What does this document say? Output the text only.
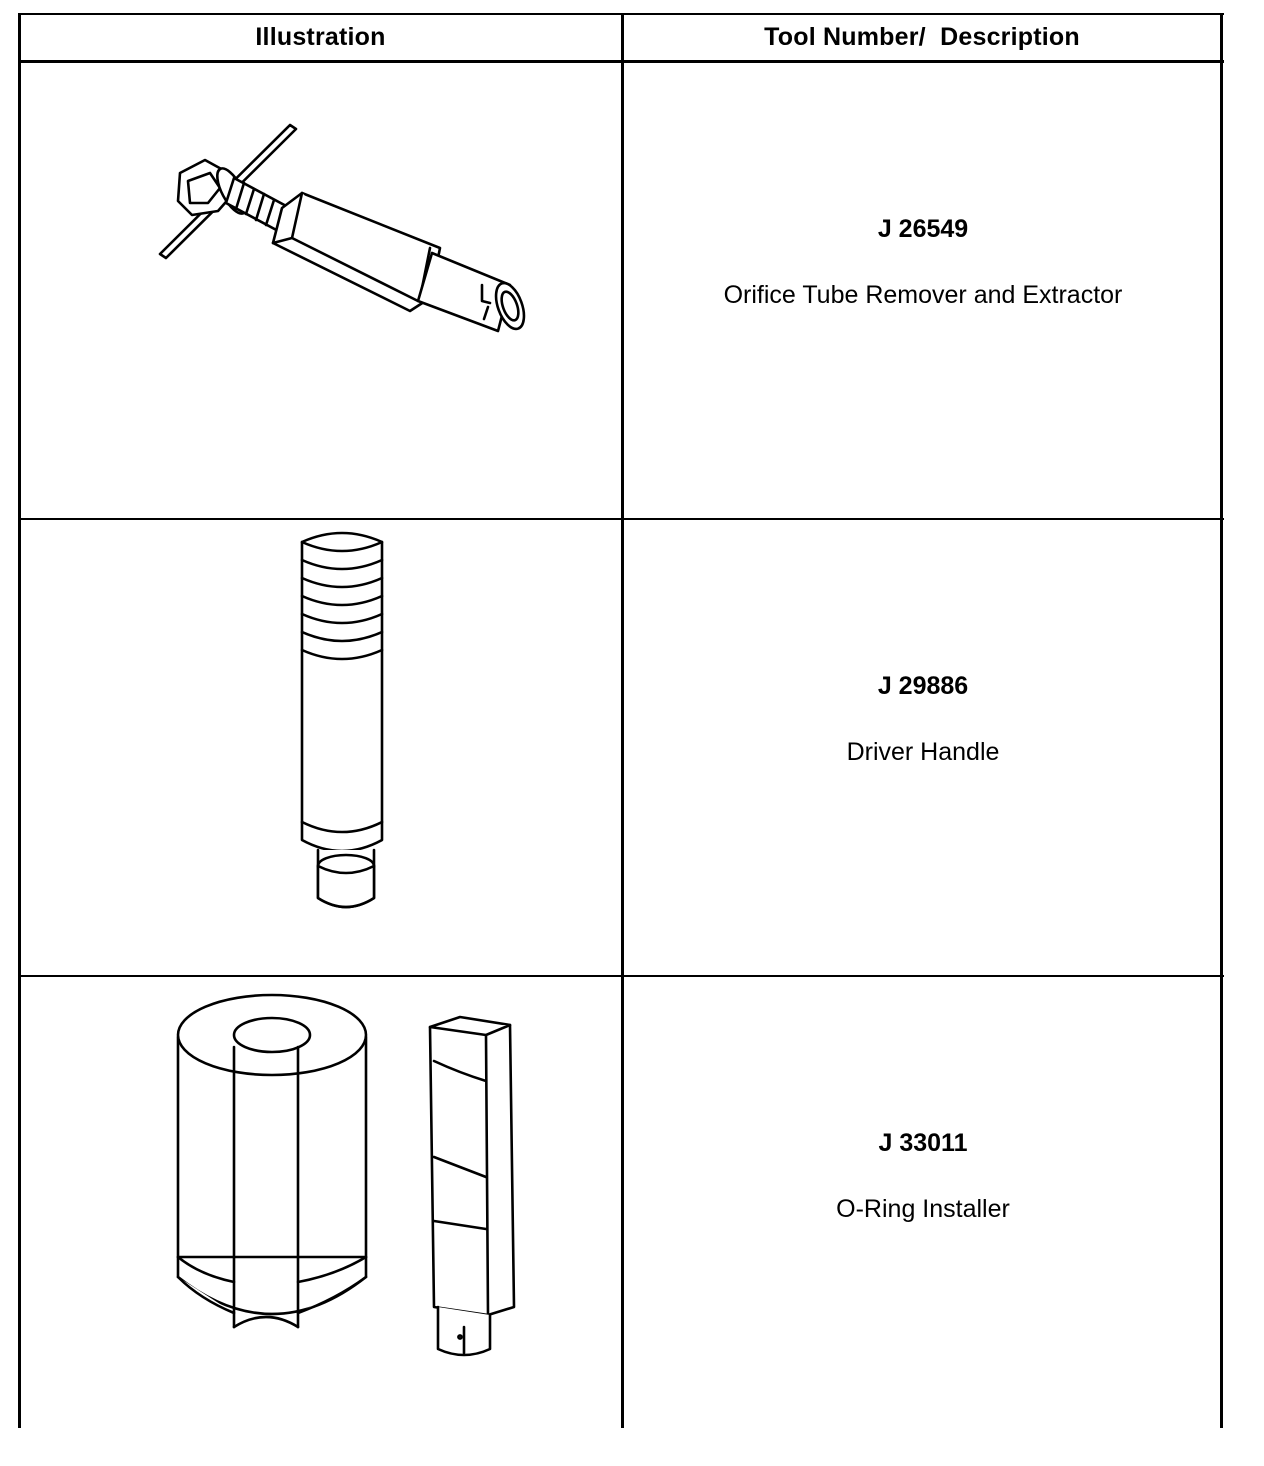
Illustration	Tool Number/  Description
J 26549
Orifice Tube Remover and Extractor
J 29886
Driver Handle
J 33011
O-Ring Installer
